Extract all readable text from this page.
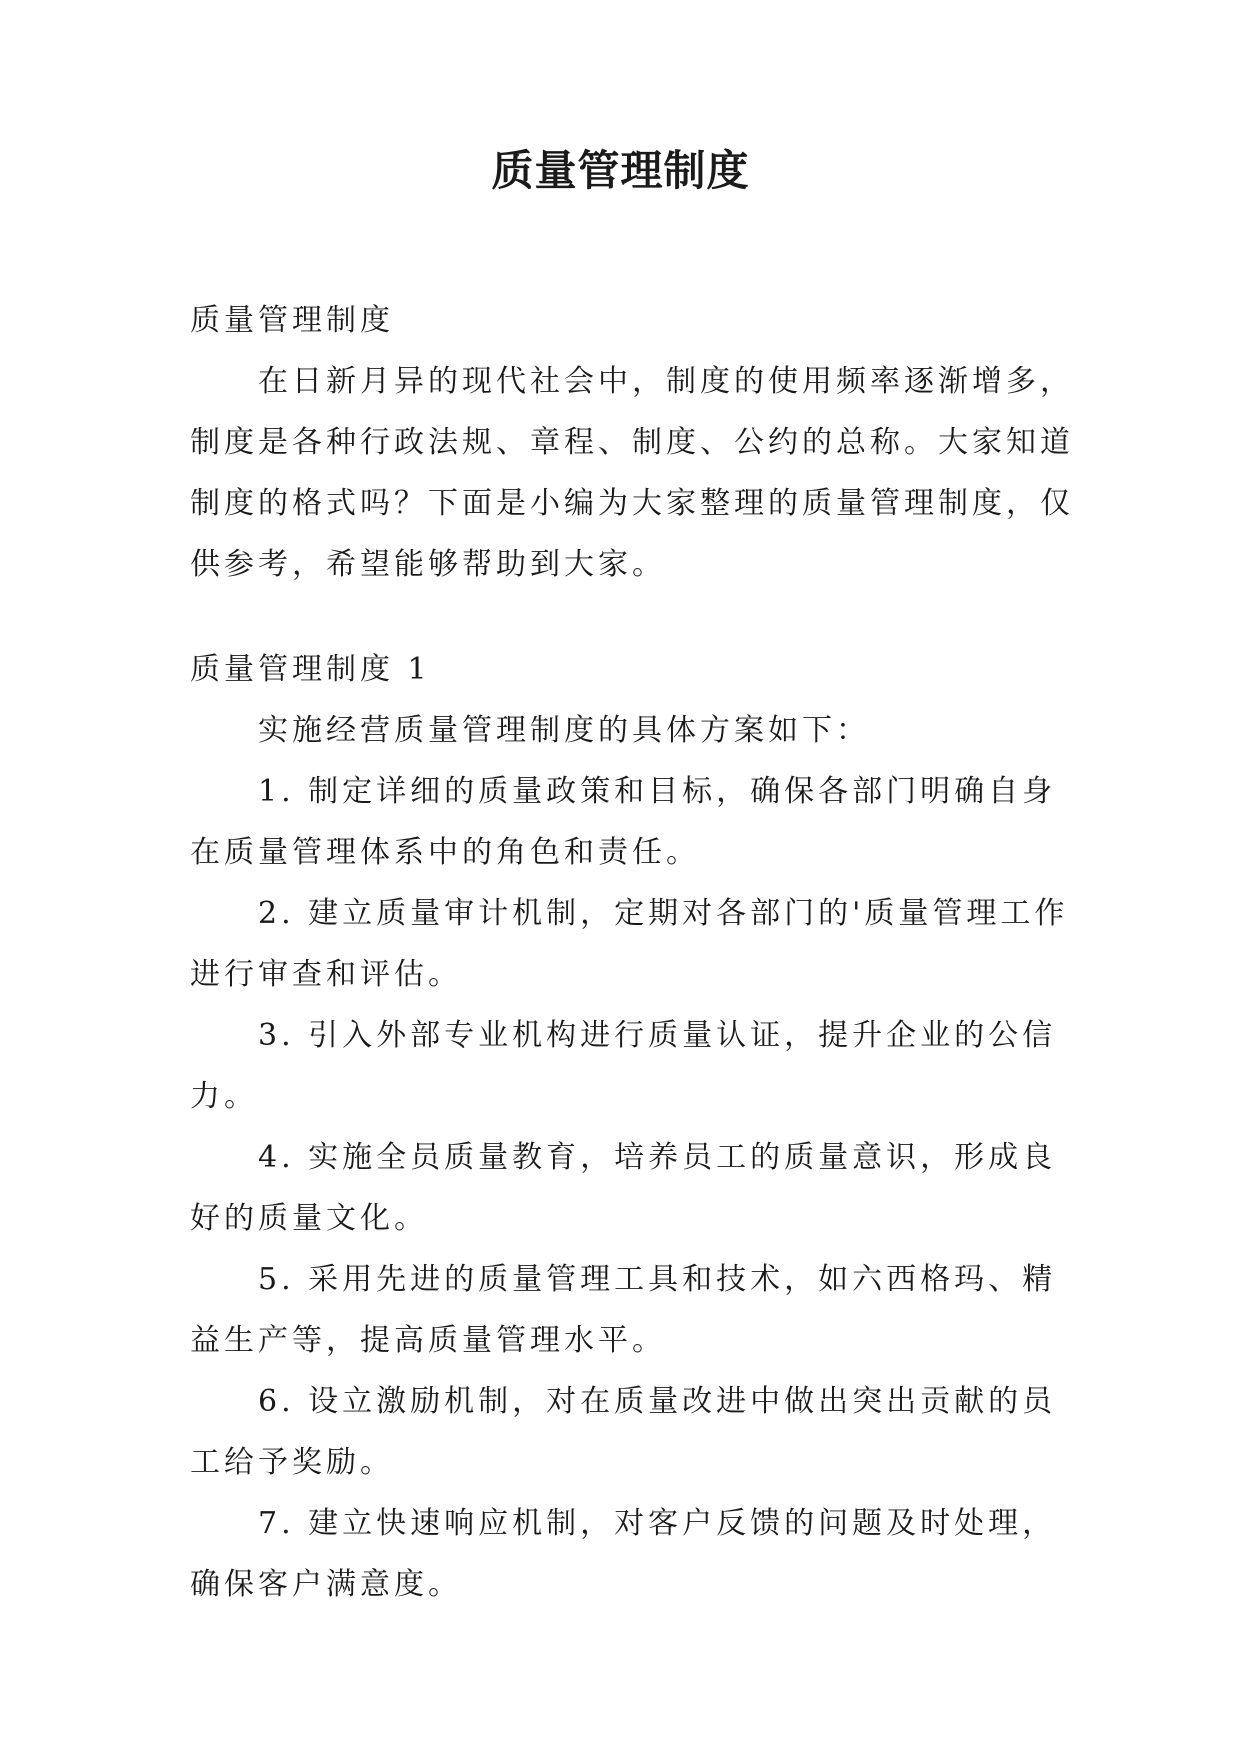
质量管理制度

质量管理制度

在日新月异的现代社会中，制度的使用频率逐渐增多，

制度是各种行政法规、章程、制度、公约的总称。大家知道

制度的格式吗？下面是小编为大家整理的质量管理制度，仅

供参考，希望能够帮助到大家。

质量管理制度 1

实施经营质量管理制度的具体方案如下：

1. 制定详细的质量政策和目标，确保各部门明确自身

在质量管理体系中的角色和责任。

2. 建立质量审计机制，定期对各部门的'质量管理工作

进行审查和评估。

3. 引入外部专业机构进行质量认证，提升企业的公信

力。

4. 实施全员质量教育，培养员工的质量意识，形成良

好的质量文化。

5. 采用先进的质量管理工具和技术，如六西格玛、精

益生产等，提高质量管理水平。

6. 设立激励机制，对在质量改进中做出突出贡献的员

工给予奖励。

7. 建立快速响应机制，对客户反馈的问题及时处理，

确保客户满意度。
